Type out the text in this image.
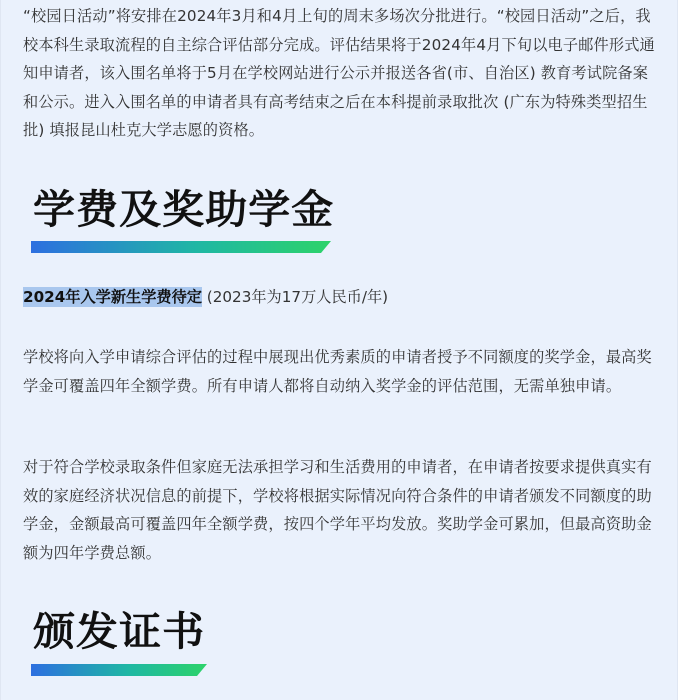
“校园日活动”将安排在2024年3月和4月上旬的周末多场次分批进行。“校园日活动”之后，我校本科生录取流程的自主综合评估部分完成。评估结果将于2024年4月下旬以电子邮件形式通知申请者，该入围名单将于5月在学校网站进行公示并报送各省(市、自治区) 教育考试院备案和公示。进入入围名单的申请者具有高考结束之后在本科提前录取批次 (广东为特殊类型招生批) 填报昆山杜克大学志愿的资格。

学费及奖助学金
2024年入学新生学费待定 (2023年为17万人民币/年)

学校将向入学申请综合评估的过程中展现出优秀素质的申请者授予不同额度的奖学金，最高奖学金可覆盖四年全额学费。所有申请人都将自动纳入奖学金的评估范围，无需单独申请。

对于符合学校录取条件但家庭无法承担学习和生活费用的申请者，在申请者按要求提供真实有效的家庭经济状况信息的前提下，学校将根据实际情况向符合条件的申请者颁发不同额度的助学金，金额最高可覆盖四年全额学费，按四个学年平均发放。奖助学金可累加，但最高资助金额为四年学费总额。

颁发证书
